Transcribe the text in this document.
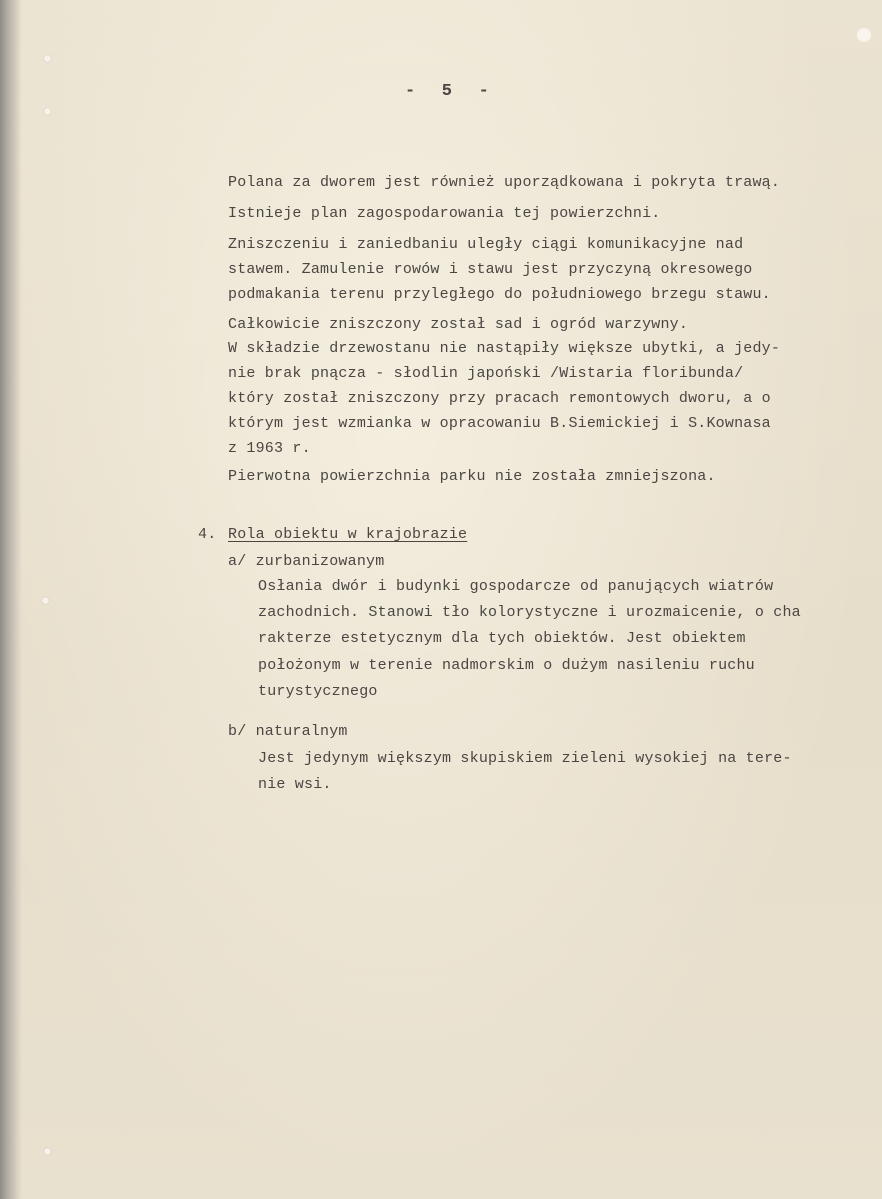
- 5 -
Polana za dworem jest również uporządkowana i pokryta trawą.
Istnieje plan zagospodarowania tej powierzchni.
Zniszczeniu i zaniedbaniu uległy ciągi komunikacyjne nad
stawem. Zamulenie rowów i stawu jest przyczyną okresowego
podmakania terenu przyległego do południowego brzegu stawu.
Całkowicie zniszczony został sad i ogród warzywny.
W składzie drzewostanu nie nastąpiły większe ubytki, a jedy-
nie brak pnącza - słodlin japoński /Wistaria floribunda/
który został zniszczony przy pracach remontowych dworu, a o
którym jest wzmianka w opracowaniu B.Siemickiej i S.Kownasa
z 1963 r.
Pierwotna powierzchnia parku nie została zmniejszona.
4. Rola obiektu w krajobrazie
a/ zurbanizowanym
Osłania dwór i budynki gospodarcze od panujących wiatrów
zachodnich. Stanowi tło kolorystyczne i urozmaicenie, o cha
rakterze estetycznym dla tych obiektów. Jest obiektem
położonym w terenie nadmorskim o dużym nasileniu ruchu
turystycznego
b/ naturalnym
Jest jedynym większym skupiskiem zieleni wysokiej na tere-
nie wsi.
